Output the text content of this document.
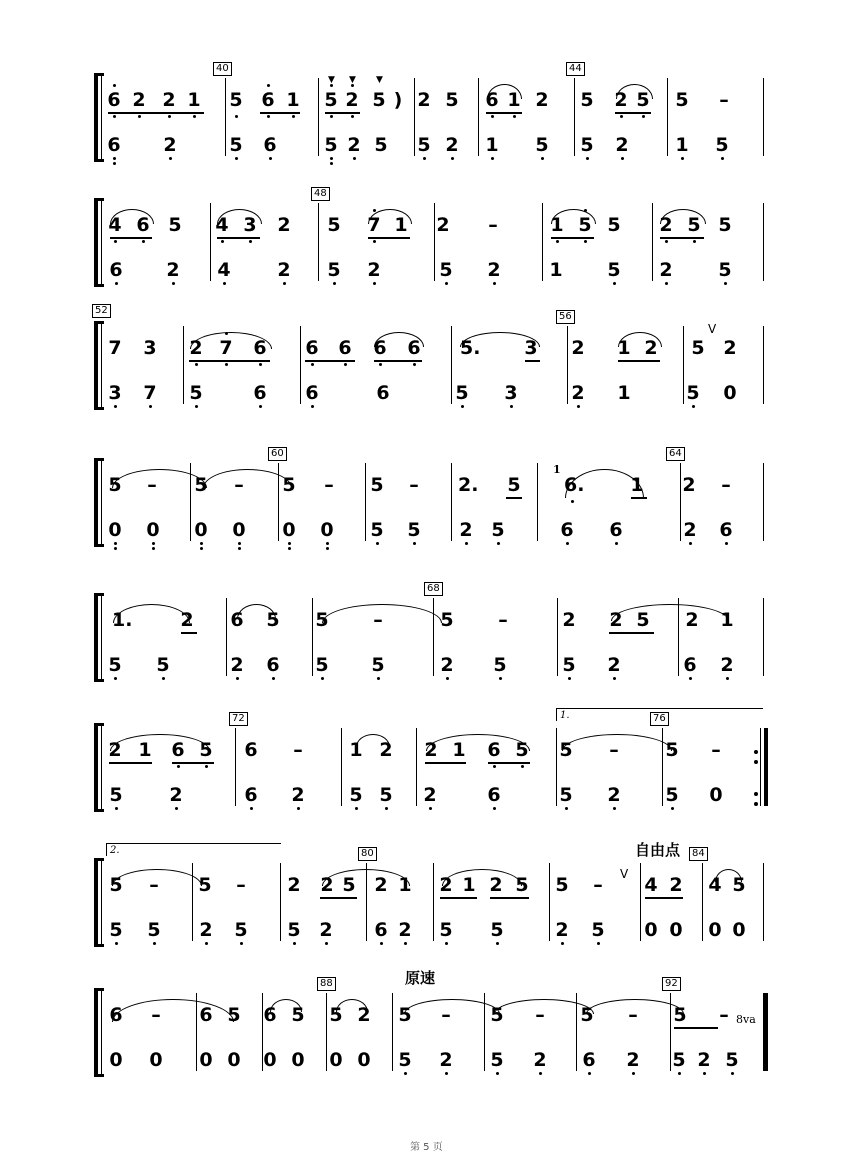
6 2 2 1 5 6 1 5 2 5 ) 2 5 6 1 2 5 2 5 5 –
6 2	5 6	5 2 5 5 2 1 5 5 2 1 5
40	44
▼ ▼ ▼
4 6 5 4 3 2 5 7 1 2 –	1 5 5 2 5 5
6 2 4 2 5 2	5 2	1 5 2 5
48
7 3 2 7 6 6 6 6 6 5. 3 2 1 2 5 2
3 7 5	6 6	6	5 3	2 1	5 0
52
56
V
5 – 5 – 5 – 5 – 2. 5 6. 1 2 –
0 0 0 0 0 0 5 5 2 5	6 6	2 6
60	64
1
1.	2 6 5 5 –	5 –	2 2 5 2 1
5 5	2 6 5 5	2 5	5 2	6 2
68
2 1 6 5 6 – 1 2 2 1 6 5 5 – 5 –
5 2	6 2 5 5 2	6	5 2 5 0
72	76
1.
5 – 5 – 2 2 5 2 1 2 1 2 5 5 – 4 2 4 5
5 5 2 5 5 2 6 2 5 5	2 5 0 0 0 0
80	84
2.
V
自由点
6 – 6 5 6 5 5 2 5 – 5 – 5 – 5 –
0 0 0 0 0 0 0 0 5 2 5 2 6 2 5 2 5
88	92
原速
8va
第 5 页
